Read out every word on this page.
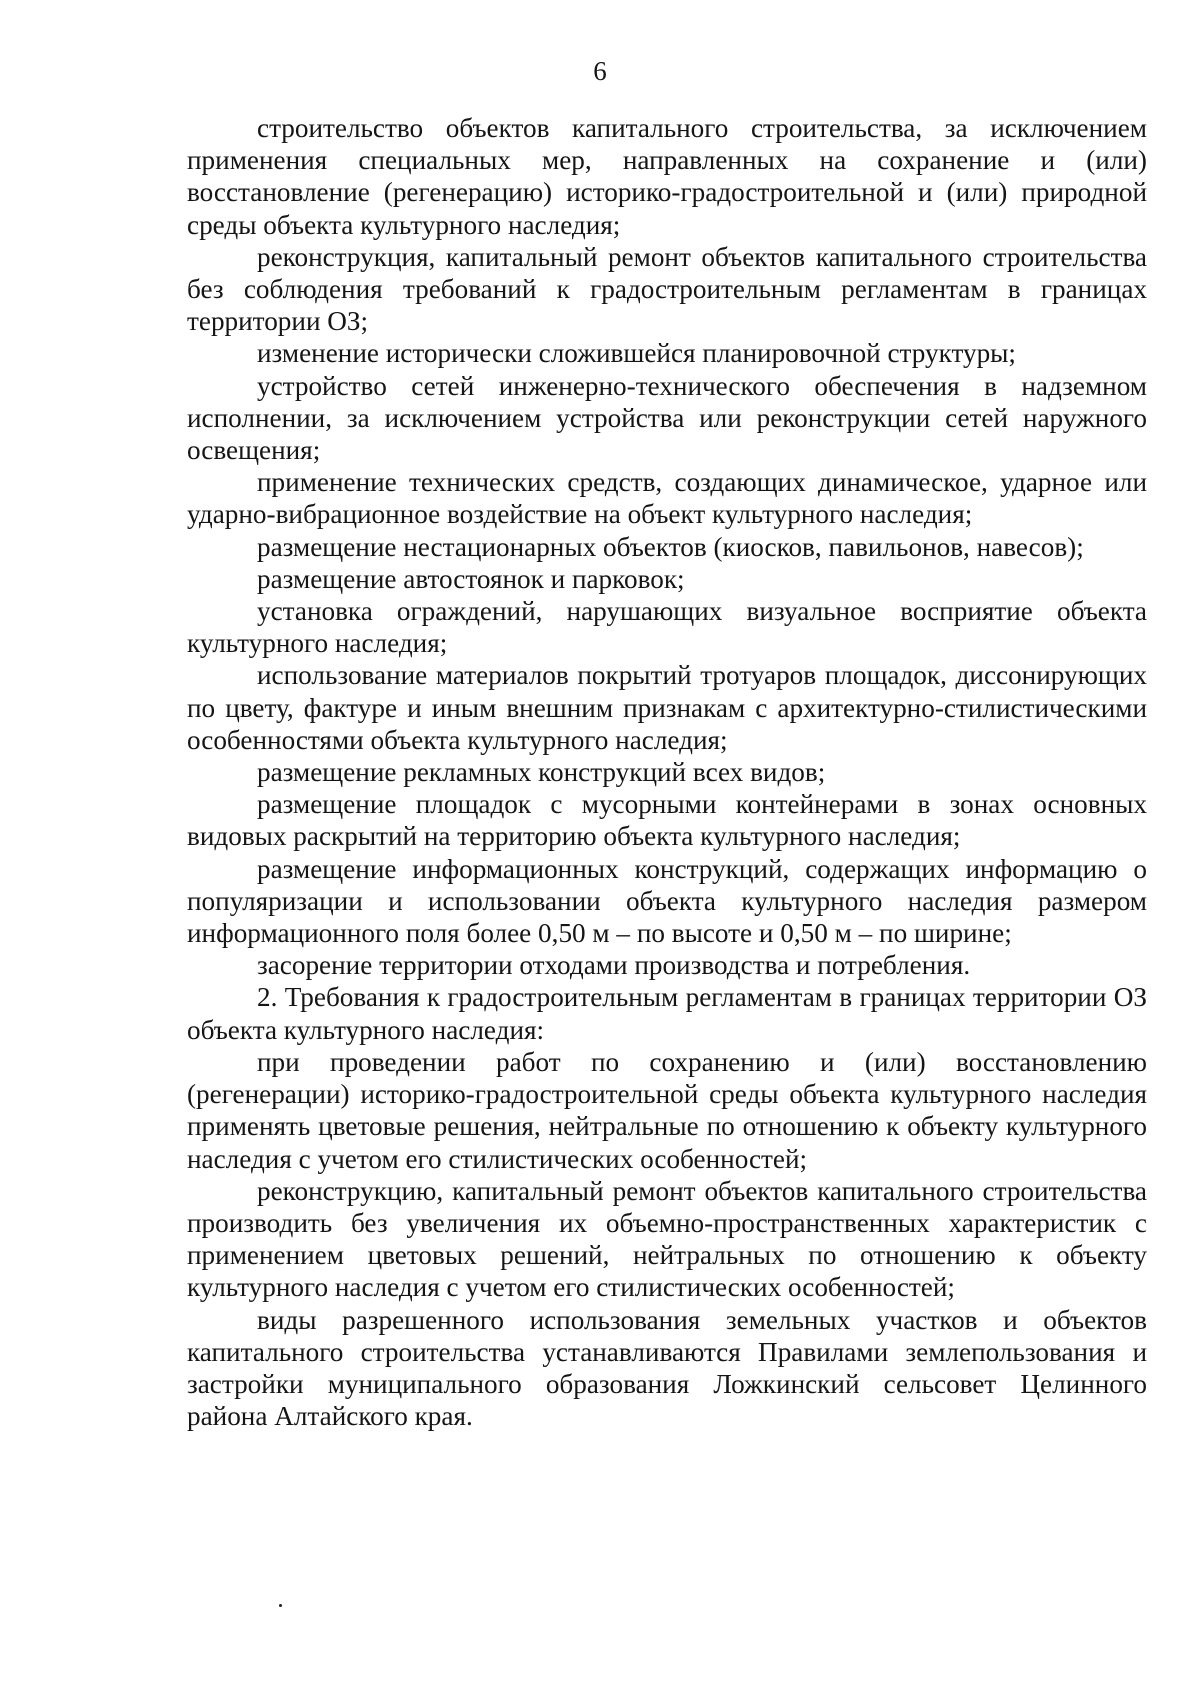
6

строительство объектов капитального строительства, за исключением применения специальных мер, направленных на сохранение и (или) восстановление (регенерацию) историко-градостроительной и (или) природной среды объекта культурного наследия;

реконструкция, капитальный ремонт объектов капитального строительства без соблюдения требований к градостроительным регламентам в границах территории ОЗ;

изменение исторически сложившейся планировочной структуры;

устройство сетей инженерно-технического обеспечения в надземном исполнении, за исключением устройства или реконструкции сетей наружного освещения;

применение технических средств, создающих динамическое, ударное или ударно-вибрационное воздействие на объект культурного наследия;

размещение нестационарных объектов (киосков, павильонов, навесов);

размещение автостоянок и парковок;

установка ограждений, нарушающих визуальное восприятие объекта культурного наследия;

использование материалов покрытий тротуаров площадок, диссонирующих по цвету, фактуре и иным внешним признакам с архитектурно-стилистическими особенностями объекта культурного наследия;

размещение рекламных конструкций всех видов;

размещение площадок с мусорными контейнерами в зонах основных видовых раскрытий на территорию объекта культурного наследия;

размещение информационных конструкций, содержащих информацию о популяризации и использовании объекта культурного наследия размером информационного поля более 0,50 м – по высоте и 0,50 м – по ширине;

засорение территории отходами производства и потребления.

2. Требования к градостроительным регламентам в границах территории ОЗ объекта культурного наследия:

при проведении работ по сохранению и (или) восстановлению (регенерации) историко-градостроительной среды объекта культурного наследия применять цветовые решения, нейтральные по отношению к объекту культурного наследия с учетом его стилистических особенностей;

реконструкцию, капитальный ремонт объектов капитального строительства производить без увеличения их объемно-пространственных характеристик с применением цветовых решений, нейтральных по отношению к объекту культурного наследия с учетом его стилистических особенностей;

виды разрешенного использования земельных участков и объектов капитального строительства устанавливаются Правилами землепользования и застройки муниципального образования Ложкинский сельсовет Целинного района Алтайского края.
